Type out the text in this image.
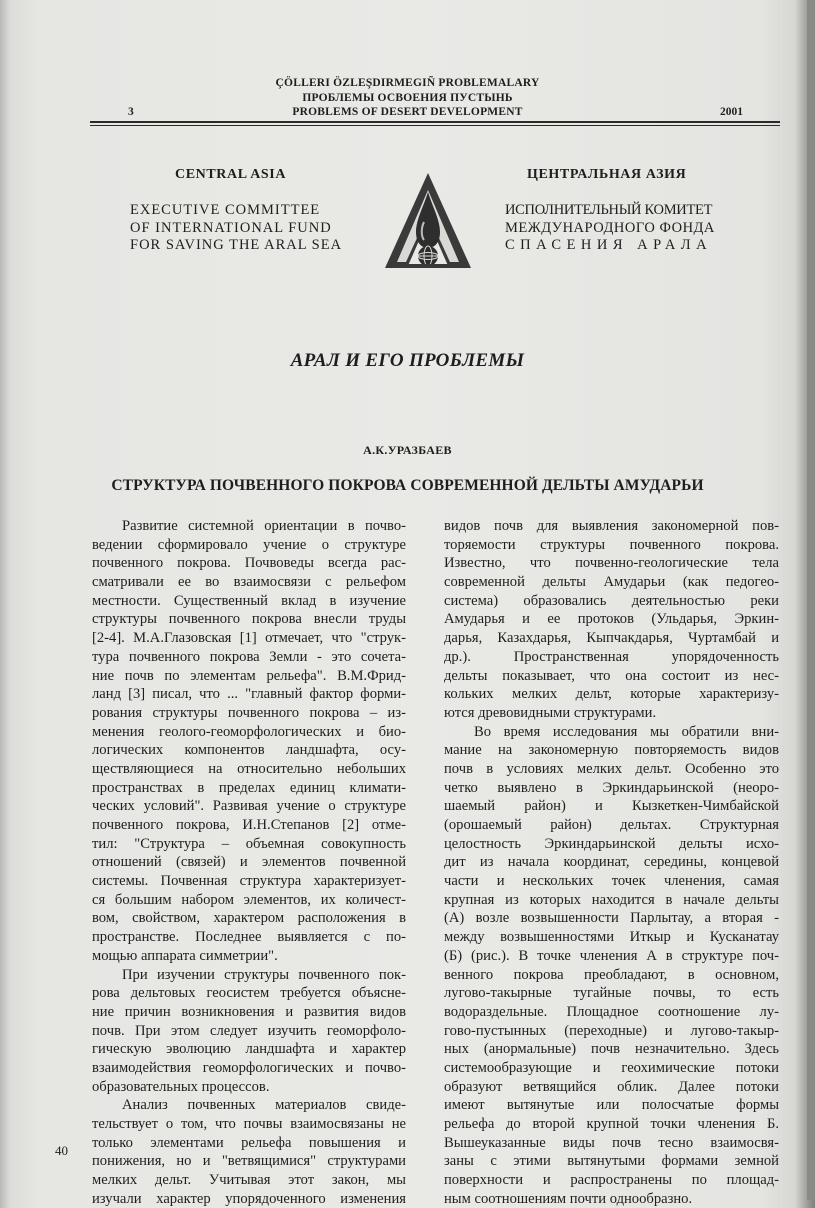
ÇÖLLERI ÖZLEŞDIRMEGIÑ PROBLEMALARY
ПРОБЛЕМЫ ОСВОЕНИЯ ПУСТЫНЬ
PROBLEMS OF DESERT DEVELOPMENT
3	2001
CENTRAL ASIA	ЦЕНТРАЛЬНАЯ АЗИЯ
EXECUTIVE COMMITTEE
OF INTERNATIONAL FUND
FOR SAVING THE ARAL SEA
ИСПОЛНИТЕЛЬНЫЙ КОМИТЕТ
МЕЖДУНАРОДНОГО ФОНДА
СПАСЕНИЯ АРАЛА
АРАЛ И ЕГО ПРОБЛЕМЫ
А.К.УРАЗБАЕВ
СТРУКТУРА ПОЧВЕННОГО ПОКРОВА СОВРЕМЕННОЙ ДЕЛЬТЫ АМУДАРЬИ
Развитие системной ориентации в почво-
ведении сформировало учение о структуре
почвенного покрова. Почвоведы всегда рас-
сматривали ее во взаимосвязи с рельефом
местности. Существенный вклад в изучение
структуры почвенного покрова внесли труды
[2-4]. М.А.Глазовская [1] отмечает, что "струк-
тура почвенного покрова Земли - это сочета-
ние почв по элементам рельефа". В.М.Фрид-
ланд [3] писал, что ... "главный фактор форми-
рования структуры почвенного покрова – из-
менения геолого-геоморфологических и био-
логических компонентов ландшафта, осу-
ществляющиеся на относительно небольших
пространствах в пределах единиц климати-
ческих условий". Развивая учение о структуре
почвенного покрова, И.Н.Степанов [2] отме-
тил: "Структура – объемная совокупность
отношений (связей) и элементов почвенной
системы. Почвенная структура характеризует-
ся большим набором элементов, их количест-
вом, свойством, характером расположения в
пространстве. Последнее выявляется с по-
мощью аппарата симметрии".
При изучении структуры почвенного пок-
рова дельтовых геосистем требуется объясне-
ние причин возникновения и развития видов
почв. При этом следует изучить геоморфоло-
гическую эволюцию ландшафта и характер
взаимодействия геоморфологических и почво-
образовательных процессов.
Анализ почвенных материалов свиде-
тельствует о том, что почвы взаимосвязаны не
только элементами рельефа повышения и
понижения, но и "ветвящимися" структурами
мелких дельт. Учитывая этот закон, мы
изучали характер упорядоченного изменения
видов почв для выявления закономерной пов-
торяемости структуры почвенного покрова.
Известно, что почвенно-геологические тела
современной дельты Амударьи (как педогео-
система) образовались деятельностью реки
Амударья и ее протоков (Ульдарья, Эркин-
дарья, Казахдарья, Кыпчакдарья, Чуртамбай и
др.). Пространственная упорядоченность
дельты показывает, что она состоит из нес-
кольких мелких дельт, которые характеризу-
ются древовидными структурами.
Во время исследования мы обратили вни-
мание на закономерную повторяемость видов
почв в условиях мелких дельт. Особенно это
четко выявлено в Эркиндарьинской (неоро-
шаемый район) и Кызкеткен-Чимбайской
(орошаемый район) дельтах. Структурная
целостность Эркиндарьинской дельты исхо-
дит из начала координат, середины, концевой
части и нескольких точек членения, самая
крупная из которых находится в начале дельты
(А) возле возвышенности Парлытау, а вторая -
между возвышенностями Иткыр и Кусканатау
(Б) (рис.). В точке членения А в структуре поч-
венного покрова преобладают, в основном,
лугово-такырные тугайные почвы, то есть
водораздельные. Площадное соотношение лу-
гово-пустынных (переходные) и лугово-такыр-
ных (анормальные) почв незначительно. Здесь
системообразующие и геохимические потоки
образуют ветвящийся облик. Далее потоки
имеют вытянутые или полосчатые формы
рельефа до второй крупной точки членения Б.
Вышеуказанные виды почв тесно взаимосвя-
заны с этими вытянутыми формами земной
поверхности и распространены по площад-
ным соотношениям почти однообразно.
40
